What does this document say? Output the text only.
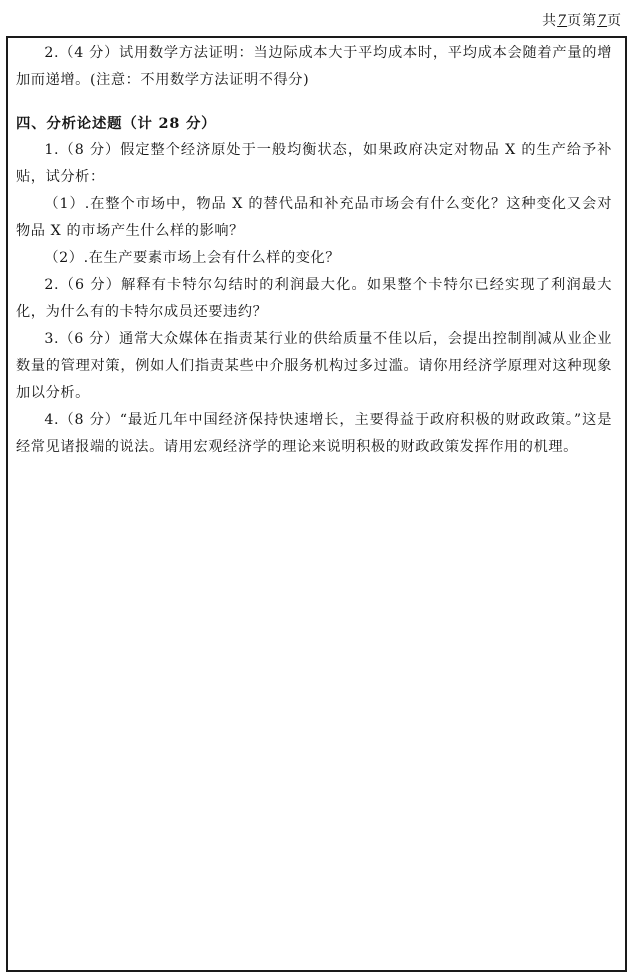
共7页第7页

2.（4 分）试用数学方法证明：当边际成本大于平均成本时，平均成本会随着产量的增加而递增。(注意：不用数学方法证明不得分)

四、分析论述题（计 28 分）

1.（8 分）假定整个经济原处于一般均衡状态，如果政府决定对物品 X 的生产给予补贴，试分析：

（1）.在整个市场中，物品 X 的替代品和补充品市场会有什么变化？这种变化又会对物品 X 的市场产生什么样的影响？

（2）.在生产要素市场上会有什么样的变化？

2.（6 分）解释有卡特尔勾结时的利润最大化。如果整个卡特尔已经实现了利润最大化，为什么有的卡特尔成员还要违约？

3.（6 分）通常大众媒体在指责某行业的供给质量不佳以后，会提出控制削减从业企业数量的管理对策，例如人们指责某些中介服务机构过多过滥。请你用经济学原理对这种现象加以分析。

4.（8 分）“最近几年中国经济保持快速增长，主要得益于政府积极的财政政策。”这是经常见诸报端的说法。请用宏观经济学的理论来说明积极的财政政策发挥作用的机理。
